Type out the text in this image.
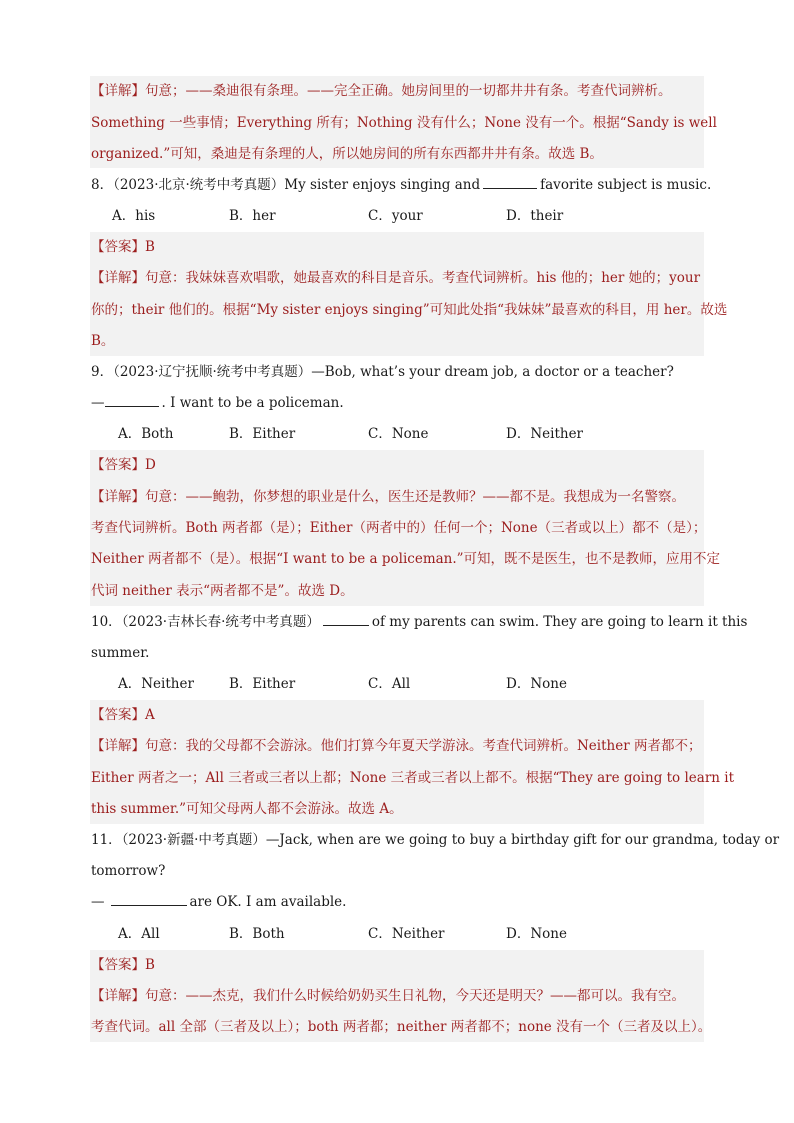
【详解】句意；——桑迪很有条理。——完全正确。她房间里的一切都井井有条。考查代词辨析。
Something 一些事情；Everything 所有；Nothing 没有什么；None 没有一个。根据“Sandy is well
organized.”可知，桑迪是有条理的人，所以她房间的所有东西都井井有条。故选 B。
8．（2023·北京·统考中考真题）My sister enjoys singing and	favorite subject is music.
A．his	B．her	C．your	D．their
【答案】B
【详解】句意：我妹妹喜欢唱歌，她最喜欢的科目是音乐。考查代词辨析。his 他的；her 她的；your
你的；their 他们的。根据“My sister enjoys singing”可知此处指“我妹妹”最喜欢的科目，用 her。故选
B。
9．（2023·辽宁抚顺·统考中考真题）—Bob, what’s your dream job, a doctor or a teacher?
—	. I want to be a policeman.
A．Both	B．Either	C．None	D．Neither
【答案】D
【详解】句意：——鲍勃，你梦想的职业是什么，医生还是教师？——都不是。我想成为一名警察。
考查代词辨析。Both 两者都（是）；Either（两者中的）任何一个；None（三者或以上）都不（是）；
Neither 两者都不（是）。根据“I want to be a policeman.”可知，既不是医生，也不是教师，应用不定
代词 neither 表示“两者都不是”。故选 D。
10．（2023·吉林长春·统考中考真题）	of my parents can swim. They are going to learn it this
summer.
A．Neither	B．Either	C．All	D．None
【答案】A
【详解】句意：我的父母都不会游泳。他们打算今年夏天学游泳。考查代词辨析。Neither 两者都不；
Either 两者之一；All 三者或三者以上都；None 三者或三者以上都不。根据“They are going to learn it
this summer.”可知父母两人都不会游泳。故选 A。
11．（2023·新疆·中考真题）—Jack, when are we going to buy a birthday gift for our grandma, today or
tomorrow?
—	are OK. I am available.
A．All	B．Both	C．Neither	D．None
【答案】B
【详解】句意：——杰克，我们什么时候给奶奶买生日礼物，今天还是明天？——都可以。我有空。
考查代词。all 全部（三者及以上）；both 两者都；neither 两者都不；none 没有一个（三者及以上）。
